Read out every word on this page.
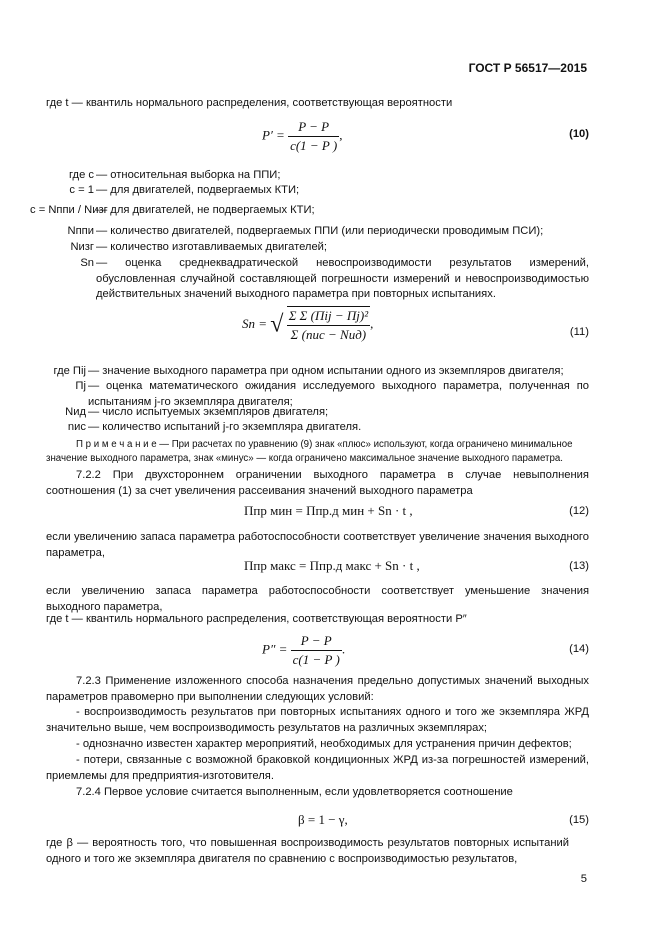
ГОСТ Р 56517—2015
где t — квантиль нормального распределения, соответствующая вероятности
$P' = \frac{P - P}{c(1 - P )}$ ,	(10)
где c — относительная выборка на ППИ;
c = 1 — для двигателей, подвергаемых КТИ;
c = Nппи / Nизг
— для двигателей, не подвергаемых КТИ;
Nппи — количество двигателей, подвергаемых ППИ (или периодически проводимым ПСИ);
Nизг — количество изготавливаемых двигателей;
Sn — оценка среднеквадратической невоспроизводимости результатов измерений, обусловленная случайной составляющей погрешности измерений и невоспроизводимостью действительных значений выходного параметра при повторных испытаниях.
Sn = √ $\frac{\text{Σ Σ (Πij − Πj)²}}{\text{Σ (nис − Nид)}}$ ,
(11)
где Πij — значение выходного параметра при одном испытании одного из экземпляров двигателя;
Πj — оценка математического ожидания исследуемого выходного параметра, полученная по испытаниям j-го экземпляра двигателя;
Nид — число испытуемых экземпляров двигателя;
nис — количество испытаний j-го экземпляра двигателя.
П р и м е ч а н и е — При расчетах по уравнению (9) знак «плюс» используют, когда ограничено минимальное значение выходного параметра, знак «минус» — когда ограничено максимальное значение выходного параметра.
7.2.2 При двухстороннем ограничении выходного параметра в случае невыполнения соотношения (1) за счет увеличения рассеивания значений выходного параметра
Πпр мин = Πпр.д мин + Sn · t ,	(12)
если увеличению запаса параметра работоспособности соответствует увеличение значения выходного параметра,
Πпр макс = Πпр.д макс + Sn · t ,	(13)
если увеличению запаса параметра работоспособности соответствует уменьшение значения выходного параметра,
где t — квантиль нормального распределения, соответствующая вероятности P″
$P'' = \frac{P - P}{c(1 - P )}$ .	(14)
7.2.3 Применение изложенного способа назначения предельно допустимых значений выходных параметров правомерно при выполнении следующих условий:
- воспроизводимость результатов при повторных испытаниях одного и того же экземпляра ЖРД значительно выше, чем воспроизводимость результатов на различных экземплярах;
- однозначно известен характер мероприятий, необходимых для устранения причин дефектов;
- потери, связанные с возможной браковкой кондиционных ЖРД из-за погрешностей измерений, приемлемы для предприятия-изготовителя.
7.2.4 Первое условие считается выполненным, если удовлетворяется соотношение
β = 1 − γ,	(15)
где β — вероятность того, что повышенная воспроизводимость результатов повторных испытаний одного и того же экземпляра двигателя по сравнению с воспроизводимостью результатов,
5
